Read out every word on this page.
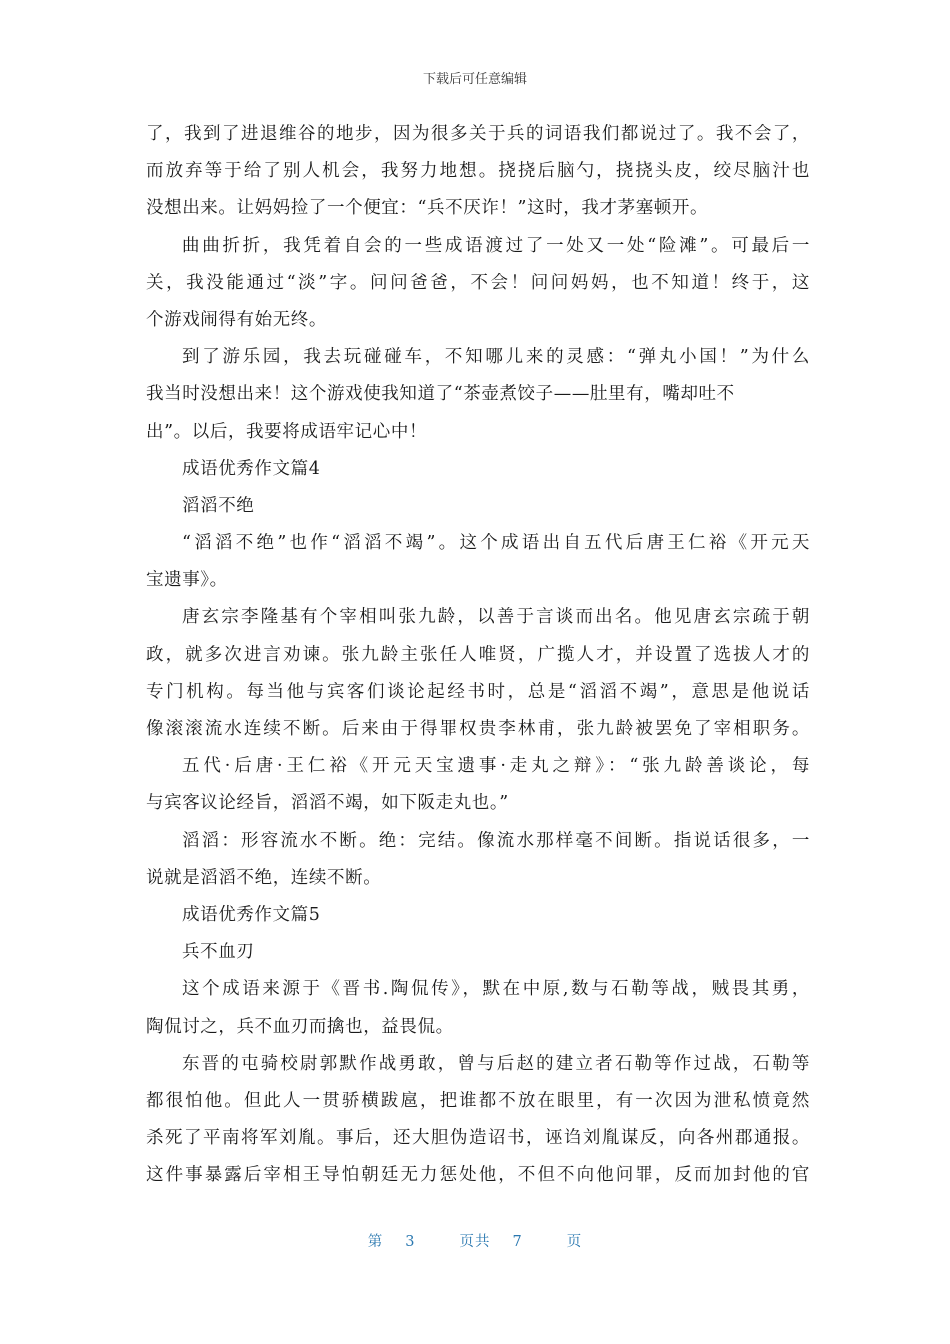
下载后可任意编辑
了，我到了进退维谷的地步，因为很多关于兵的词语我们都说过了。我不会了，
而放弃等于给了别人机会，我努力地想。挠挠后脑勺，挠挠头皮，绞尽脑汁也
没想出来。让妈妈捡了一个便宜：“兵不厌诈！”这时，我才茅塞顿开。
曲曲折折，我凭着自会的一些成语渡过了一处又一处“险滩”。可最后一
关，我没能通过“淡”字。问问爸爸，不会！问问妈妈，也不知道！终于，这
个游戏闹得有始无终。
到了游乐园，我去玩碰碰车，不知哪儿来的灵感：“弹丸小国！”为什么
我当时没想出来！这个游戏使我知道了“茶壶煮饺子——肚里有，嘴却吐不
出”。以后，我要将成语牢记心中！
成语优秀作文篇4
滔滔不绝
“滔滔不绝”也作“滔滔不竭”。这个成语出自五代后唐王仁裕《开元天
宝遗事》。
唐玄宗李隆基有个宰相叫张九龄，以善于言谈而出名。他见唐玄宗疏于朝
政，就多次进言劝谏。张九龄主张任人唯贤，广揽人才，并设置了选拔人才的
专门机构。每当他与宾客们谈论起经书时，总是“滔滔不竭”，意思是他说话
像滚滚流水连续不断。后来由于得罪权贵李林甫，张九龄被罢免了宰相职务。
五代·后唐·王仁裕《开元天宝遗事·走丸之辩》：“张九龄善谈论，每
与宾客议论经旨，滔滔不竭，如下阪走丸也。”
滔滔：形容流水不断。绝：完结。像流水那样毫不间断。指说话很多，一
说就是滔滔不绝，连续不断。
成语优秀作文篇5
兵不血刃
这个成语来源于《晋书.陶侃传》，默在中原,数与石勒等战，贼畏其勇，
陶侃讨之，兵不血刃而擒也，益畏侃。
东晋的屯骑校尉郭默作战勇敢，曾与后赵的建立者石勒等作过战，石勒等
都很怕他。但此人一贯骄横跋扈，把谁都不放在眼里，有一次因为泄私愤竟然
杀死了平南将军刘胤。事后，还大胆伪造诏书，诬诌刘胤谋反，向各州郡通报。
这件事暴露后宰相王导怕朝廷无力惩处他，不但不向他问罪，反而加封他的官
第 3	页共 7	页
